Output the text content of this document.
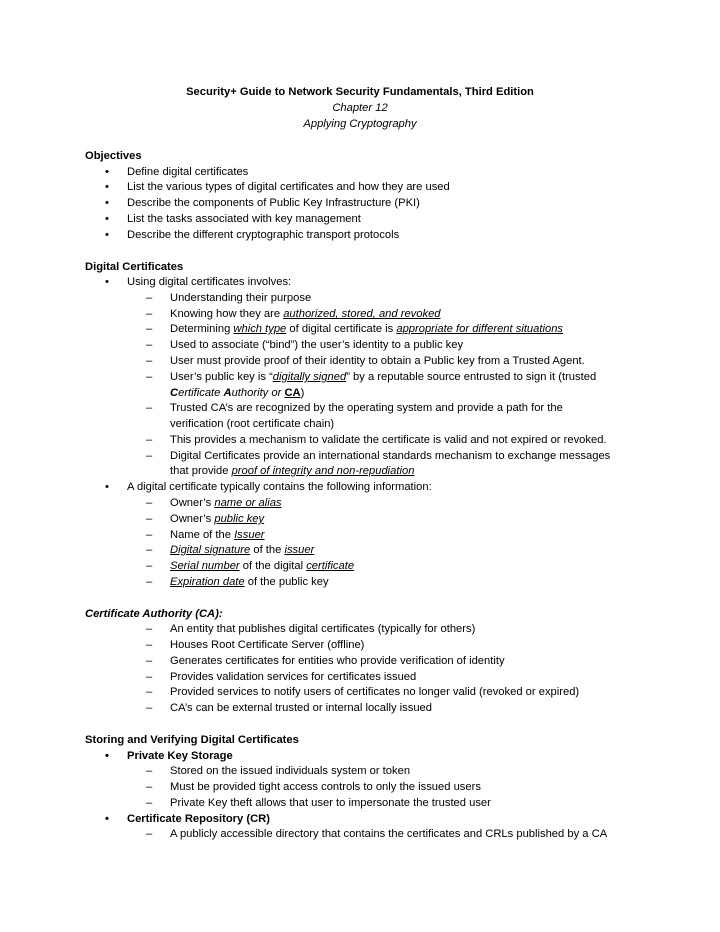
Security+ Guide to Network Security Fundamentals, Third Edition
Chapter 12
Applying Cryptography
Objectives
• Define digital certificates
• List the various types of digital certificates and how they are used
• Describe the components of Public Key Infrastructure (PKI)
• List the tasks associated with key management
• Describe the different cryptographic transport protocols
Digital Certificates
• Using digital certificates involves:
– Understanding their purpose
– Knowing how they are authorized, stored, and revoked
– Determining which type of digital certificate is appropriate for different situations
– Used to associate (“bind”) the user’s identity to a public key
– User must provide proof of their identity to obtain a Public key from a Trusted Agent.
– User’s public key is “digitally signed” by a reputable source entrusted to sign it (trusted
Certificate Authority or CA)
– Trusted CA’s are recognized by the operating system and provide a path for the
verification (root certificate chain)
– This provides a mechanism to validate the certificate is valid and not expired or revoked.
– Digital Certificates provide an international standards mechanism to exchange messages
that provide proof of integrity and non-repudiation
• A digital certificate typically contains the following information:
– Owner’s name or alias
– Owner’s public key
– Name of the Issuer
– Digital signature of the issuer
– Serial number of the digital certificate
– Expiration date of the public key
Certificate Authority (CA):
– An entity that publishes digital certificates (typically for others)
– Houses Root Certificate Server (offline)
– Generates certificates for entities who provide verification of identity
– Provides validation services for certificates issued
– Provided services to notify users of certificates no longer valid (revoked or expired)
– CA’s can be external trusted or internal locally issued
Storing and Verifying Digital Certificates
• Private Key Storage
– Stored on the issued individuals system or token
– Must be provided tight access controls to only the issued users
– Private Key theft allows that user to impersonate the trusted user
• Certificate Repository (CR)
– A publicly accessible directory that contains the certificates and CRLs published by a CA
